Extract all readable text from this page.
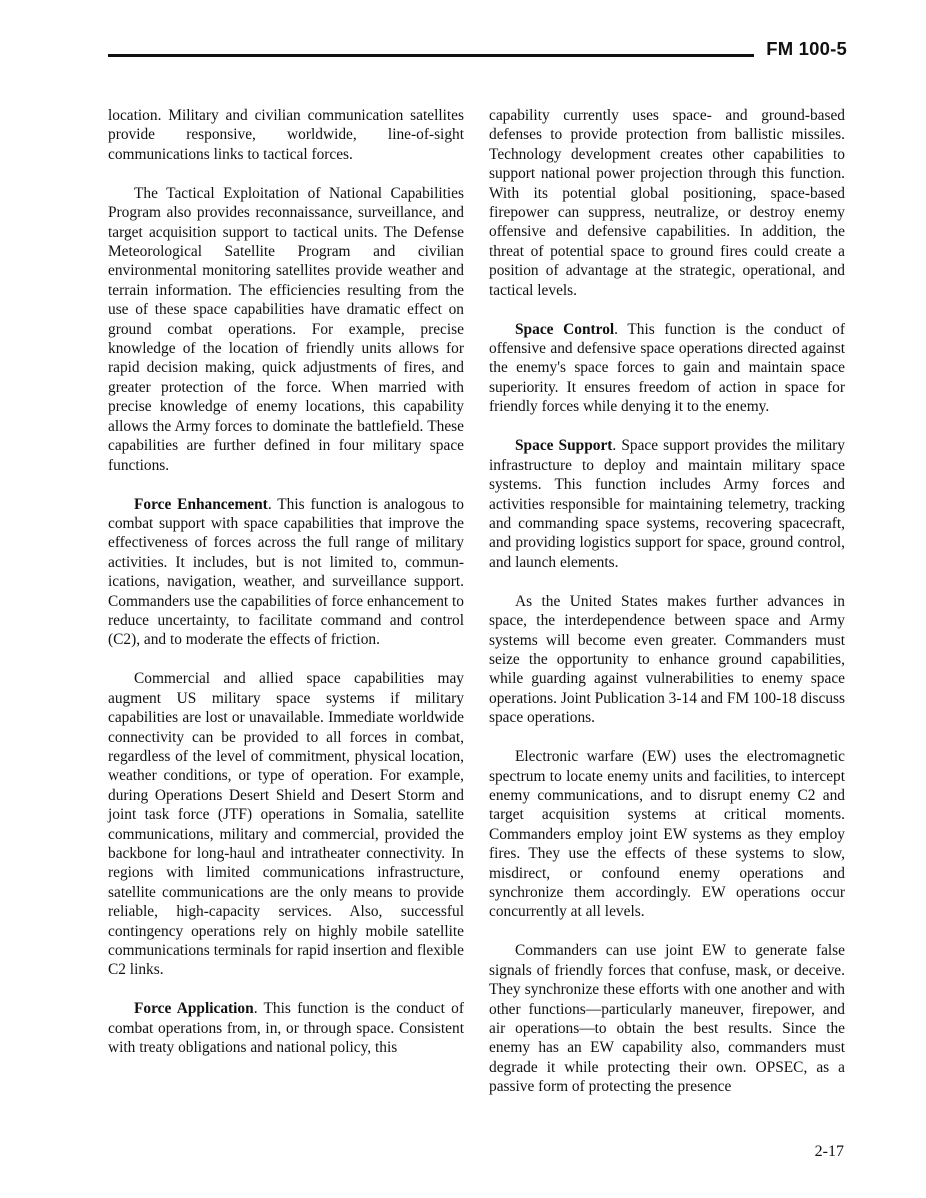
FM 100-5

location. Military and civilian communication satellites provide responsive, worldwide, line-of-sight communications links to tactical forces.

The Tactical Exploitation of National Capabilities Program also provides reconnaissance, surveillance, and target acquisition support to tactical units. The Defense Meteorological Satellite Program and civilian environmental monitoring satellites provide weather and terrain information. The efficiencies resulting from the use of these space capabilities have dramatic effect on ground combat operations. For example, precise knowledge of the location of friendly units allows for rapid decision making, quick adjustments of fires, and greater protection of the force. When married with precise knowledge of enemy locations, this capability allows the Army forces to dominate the battlefield. These capabilities are further defined in four military space functions.

Force Enhancement. This function is analogous to combat support with space capabilities that improve the effectiveness of forces across the full range of military activities. It includes, but is not limited to, commun- ications, navigation, weather, and surveillance support. Commanders use the capabilities of force enhancement to reduce uncertainty, to facilitate command and control (C2), and to moderate the effects of friction.

Commercial and allied space capabilities may augment US military space systems if military capabilities are lost or unavailable. Immediate worldwide connectivity can be provided to all forces in combat, regardless of the level of commitment, physical location, weather conditions, or type of operation. For example, during Operations Desert Shield and Desert Storm and joint task force (JTF) operations in Somalia, satellite communications, military and commercial, provided the backbone for long-haul and intratheater connectivity. In regions with limited communications infrastructure, satellite communications are the only means to provide reliable, high-capacity services. Also, successful contingency operations rely on highly mobile satellite communications terminals for rapid insertion and flexible C2 links.

Force Application. This function is the conduct of combat operations from, in, or through space. Consistent with treaty obligations and national policy, this

capability currently uses space- and ground-based defenses to provide protection from ballistic missiles. Technology development creates other capabilities to support national power projection through this function. With its potential global positioning, space-based firepower can suppress, neutralize, or destroy enemy offensive and defensive capabilities. In addition, the threat of potential space to ground fires could create a position of advantage at the strategic, operational, and tactical levels.

Space Control. This function is the conduct of offensive and defensive space operations directed against the enemy's space forces to gain and maintain space superiority. It ensures freedom of action in space for friendly forces while denying it to the enemy.

Space Support. Space support provides the military infrastructure to deploy and maintain military space systems. This function includes Army forces and activities responsible for maintaining telemetry, tracking and commanding space systems, recovering spacecraft, and providing logistics support for space, ground control, and launch elements.

As the United States makes further advances in space, the interdependence between space and Army systems will become even greater. Commanders must seize the opportunity to enhance ground capabilities, while guarding against vulnerabilities to enemy space operations. Joint Publication 3-14 and FM 100-18 discuss space operations.

Electronic warfare (EW) uses the electromagnetic spectrum to locate enemy units and facilities, to intercept enemy communications, and to disrupt enemy C2 and target acquisition systems at critical moments. Commanders employ joint EW systems as they employ fires. They use the effects of these systems to slow, misdirect, or confound enemy operations and synchronize them accordingly. EW operations occur concurrently at all levels.

Commanders can use joint EW to generate false signals of friendly forces that confuse, mask, or deceive. They synchronize these efforts with one another and with other functions—particularly maneuver, firepower, and air operations—to obtain the best results. Since the enemy has an EW capability also, commanders must degrade it while protecting their own. OPSEC, as a passive form of protecting the presence

2-17
